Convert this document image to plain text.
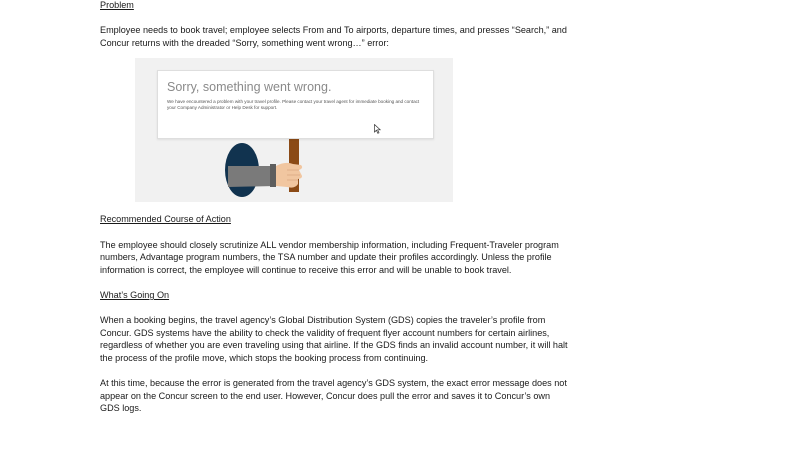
Problem

Employee needs to book travel; employee selects From and To airports, departure times, and presses “Search,” and Concur returns with the dreaded “Sorry, something went wrong…” error:

Sorry, something went wrong.
We have encountered a problem with your travel profile. Please contact your travel agent for immediate booking and contact your Company Administrator or Help Desk for support.

Recommended Course of Action

The employee should closely scrutinize ALL vendor membership information, including Frequent-Traveler program numbers, Advantage program numbers, the TSA number and update their profiles accordingly. Unless the profile information is correct, the employee will continue to receive this error and will be unable to book travel.

What’s Going On

When a booking begins, the travel agency’s Global Distribution System (GDS) copies the traveler’s profile from Concur. GDS systems have the ability to check the validity of frequent flyer account numbers for certain airlines, regardless of whether you are even traveling using that airline. If the GDS finds an invalid account number, it will halt the process of the profile move, which stops the booking process from continuing.

At this time, because the error is generated from the travel agency’s GDS system, the exact error message does not appear on the Concur screen to the end user. However, Concur does pull the error and saves it to Concur’s own GDS logs.
